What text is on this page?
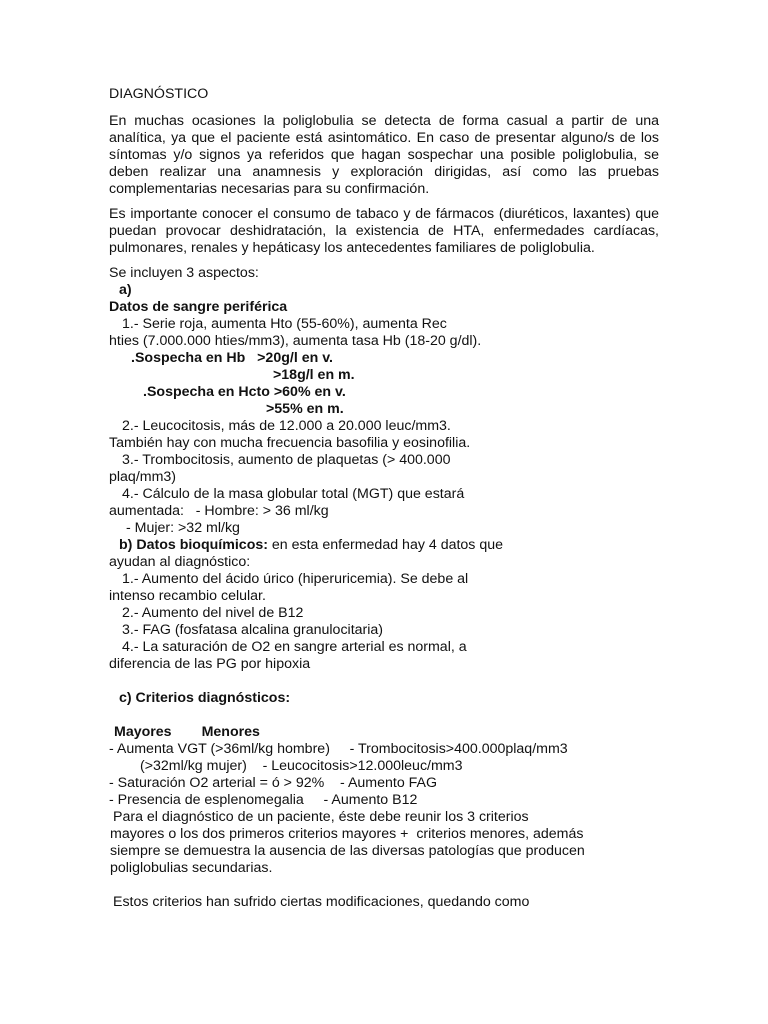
DIAGNÓSTICO

En muchas ocasiones la poliglobulia se detecta de forma casual a partir de una analítica, ya que el paciente está asintomático. En caso de presentar alguno/s de los síntomas y/o signos ya referidos que hagan sospechar una posible poliglobulia, se deben realizar una anamnesis y exploración dirigidas, así como las pruebas complementarias necesarias para su confirmación.

Es importante conocer el consumo de tabaco y de fármacos (diuréticos, laxantes) que puedan provocar deshidratación, la existencia de HTA, enfermedades cardíacas, pulmonares, renales y hepáticasy los antecedentes familiares de poliglobulia.

Se incluyen 3 aspectos:
a)
Datos de sangre periférica
1.- Serie roja, aumenta Hto (55-60%), aumenta Rec
hties (7.000.000 hties/mm3), aumenta tasa Hb (18-20 g/dl).
.Sospecha en Hb   >20g/l en v.
>18g/l en m.
.Sospecha en Hcto >60% en v.
>55% en m.
2.- Leucocitosis, más de 12.000 a 20.000 leuc/mm3.
También hay con mucha frecuencia basofilia y eosinofilia.
3.- Trombocitosis, aumento de plaquetas (> 400.000
plaq/mm3)
4.- Cálculo de la masa globular total (MGT) que estará
aumentada:   - Hombre: > 36 ml/kg
- Mujer: >32 ml/kg
b) Datos bioquímicos: en esta enfermedad hay 4 datos que
ayudan al diagnóstico:
1.- Aumento del ácido úrico (hiperuricemia). Se debe al
intenso recambio celular.
2.- Aumento del nivel de B12
3.- FAG (fosfatasa alcalina granulocitaria)
4.- La saturación de O2 en sangre arterial es normal, a
diferencia de las PG por hipoxia
c) Criterios diagnósticos:
Mayores Menores
- Aumenta VGT (>36ml/kg hombre)     - Trombocitosis>400.000plaq/mm3
(>32ml/kg mujer)    - Leucocitosis>12.000leuc/mm3
- Saturación O2 arterial = ó > 92%    - Aumento FAG
- Presencia de esplenomegalia     - Aumento B12
Para el diagnóstico de un paciente, éste debe reunir los 3 criterios
mayores o los dos primeros criterios mayores +  criterios menores, además
siempre se demuestra la ausencia de las diversas patologías que producen
poliglobulias secundarias.
Estos criterios han sufrido ciertas modificaciones, quedando como
